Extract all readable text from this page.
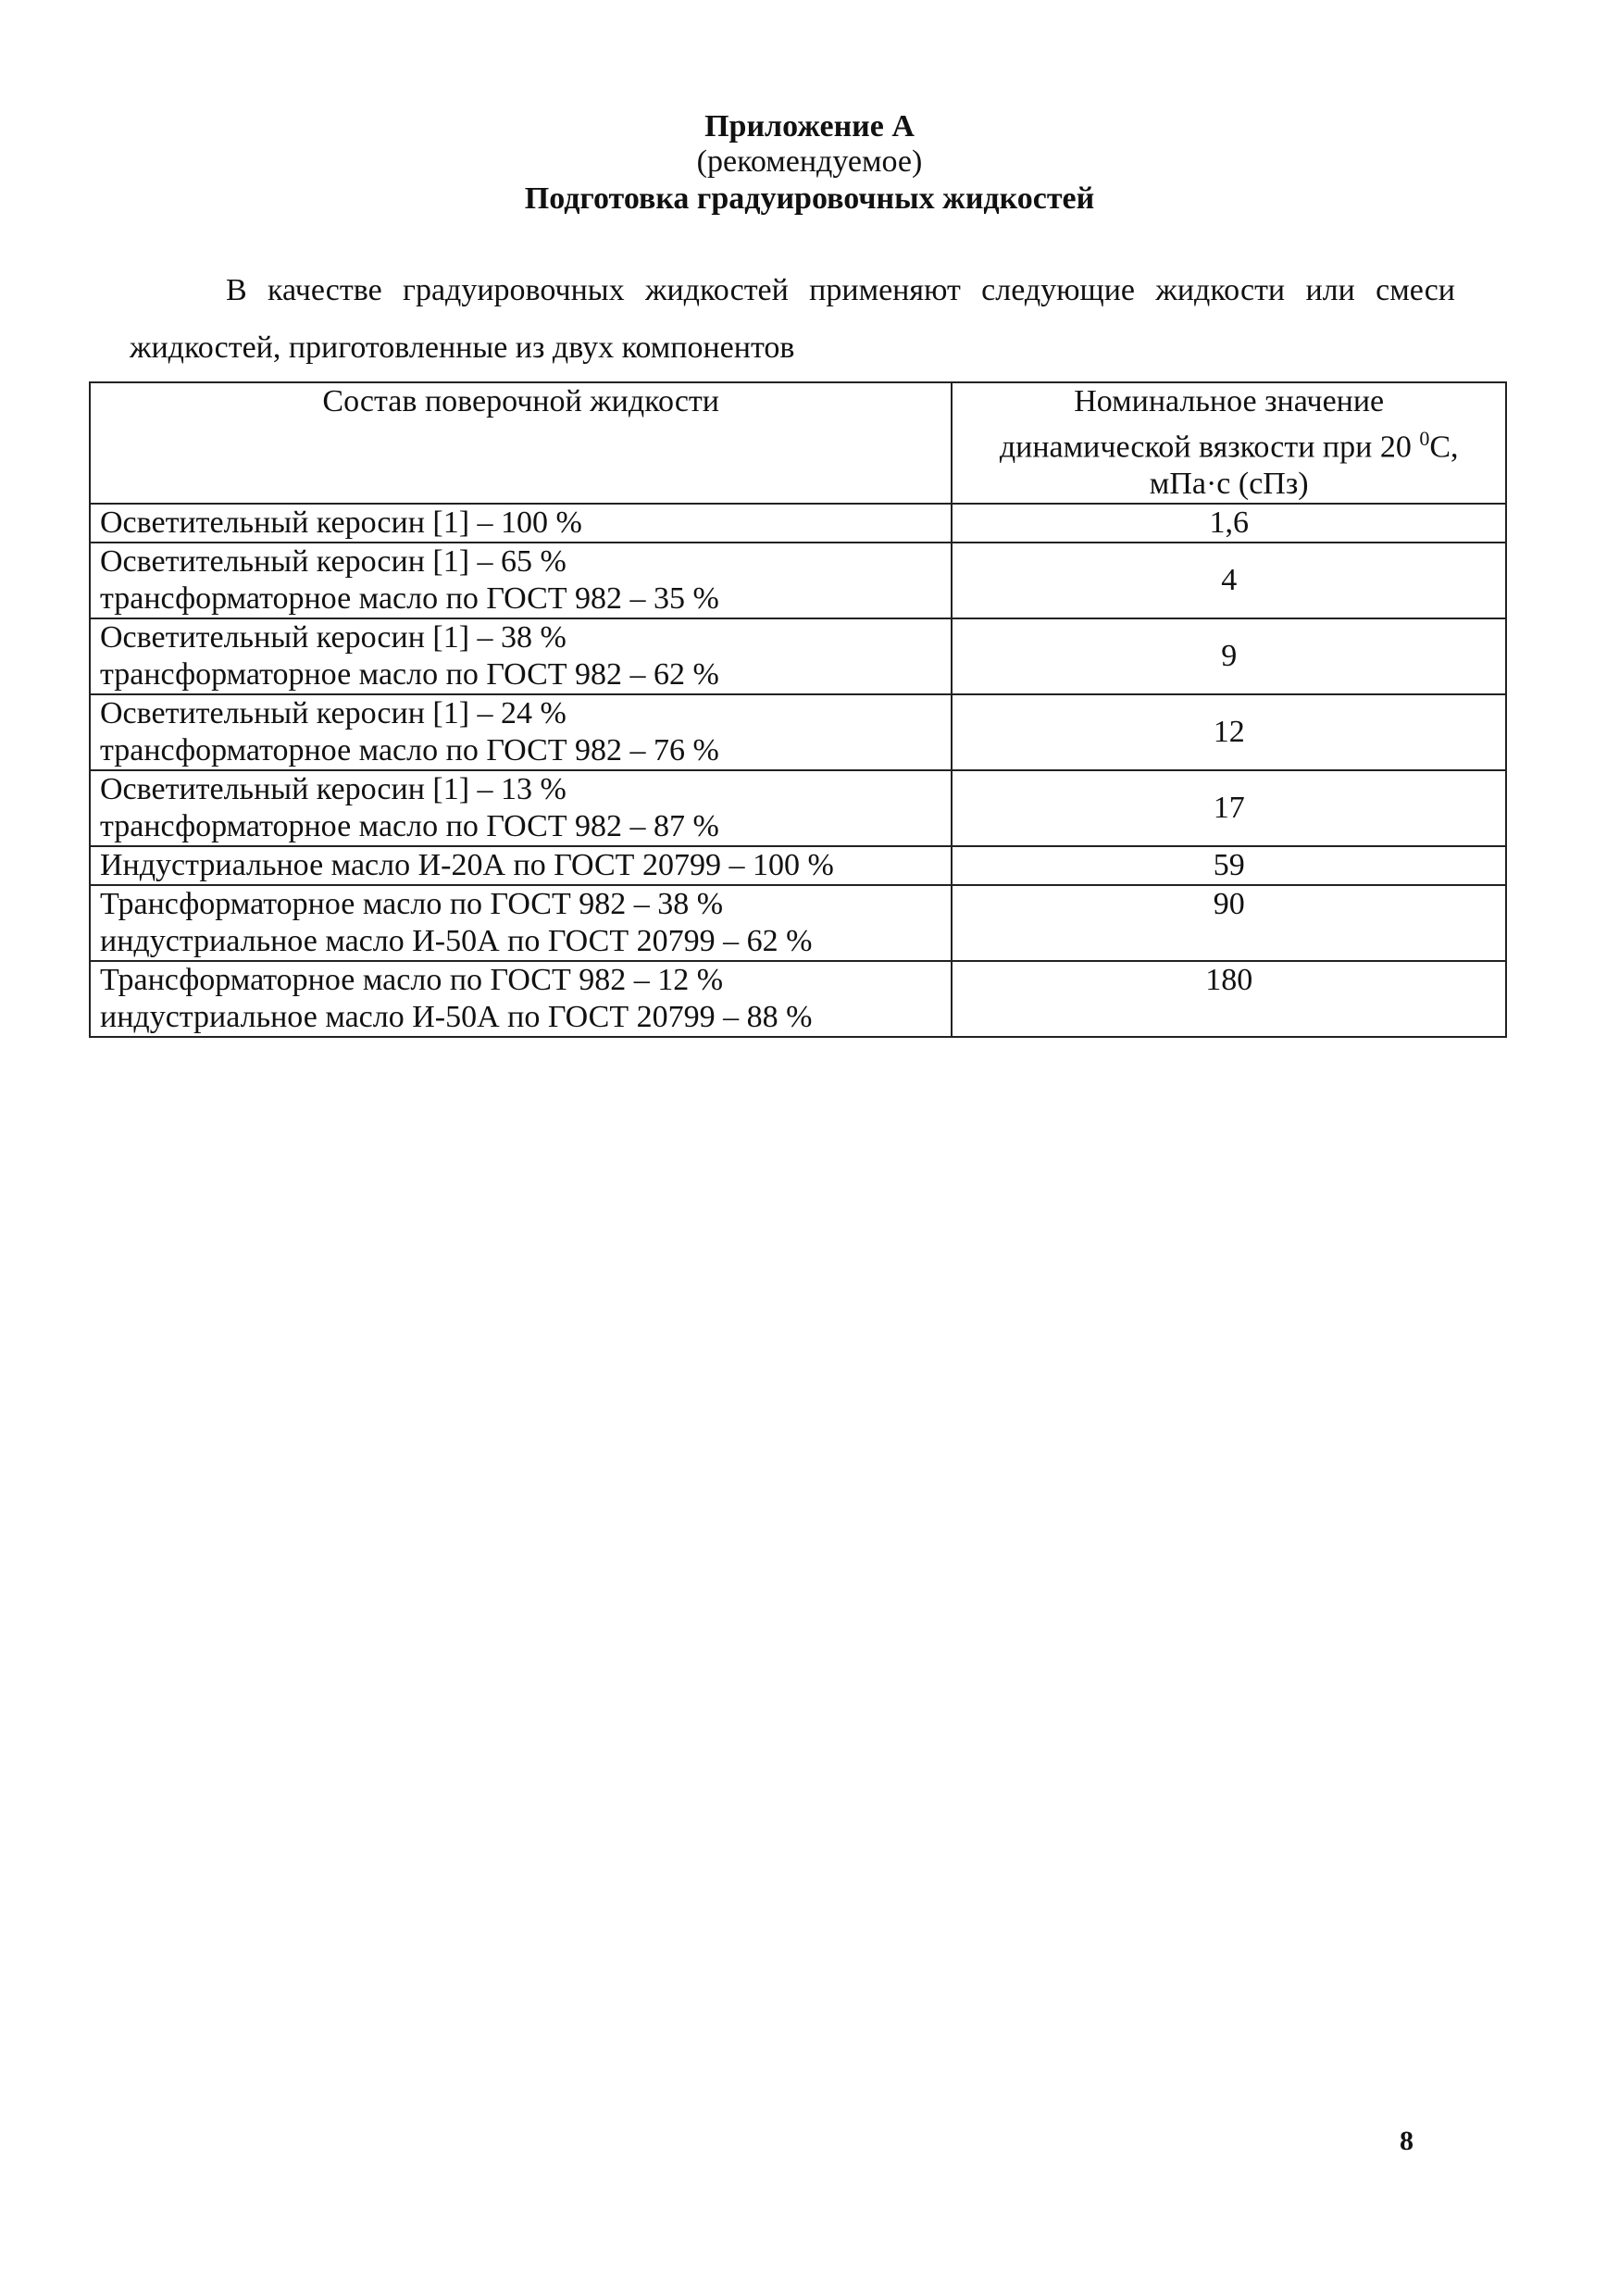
Приложение А
(рекомендуемое)
Подготовка градуировочных жидкостей

В качестве градуировочных жидкостей применяют следующие жидкости или смеси жидкостей, приготовленные из двух компонентов

Состав поверочной жидкости	Номинальное значение
динамической вязкости при 20 $^0$С,
мПа·с (сПз)

Осветительный керосин [1] – 100 %	1,6

Осветительный керосин [1] – 65 %
трансформаторное масло по ГОСТ 982 – 35 %	4

Осветительный керосин [1] – 38 %
трансформаторное масло по ГОСТ 982 – 62 %	9

Осветительный керосин [1] – 24 %
трансформаторное масло по ГОСТ 982 – 76 %	12

Осветительный керосин [1] – 13 %
трансформаторное масло по ГОСТ 982 – 87 %	17

Индустриальное масло И-20А по ГОСТ 20799 – 100 %	59

Трансформаторное масло по ГОСТ 982 – 38 %
индустриальное масло И-50А по ГОСТ 20799 – 62 %	90

Трансформаторное масло по ГОСТ 982 – 12 %
индустриальное масло И-50А по ГОСТ 20799 – 88 %	180
8
